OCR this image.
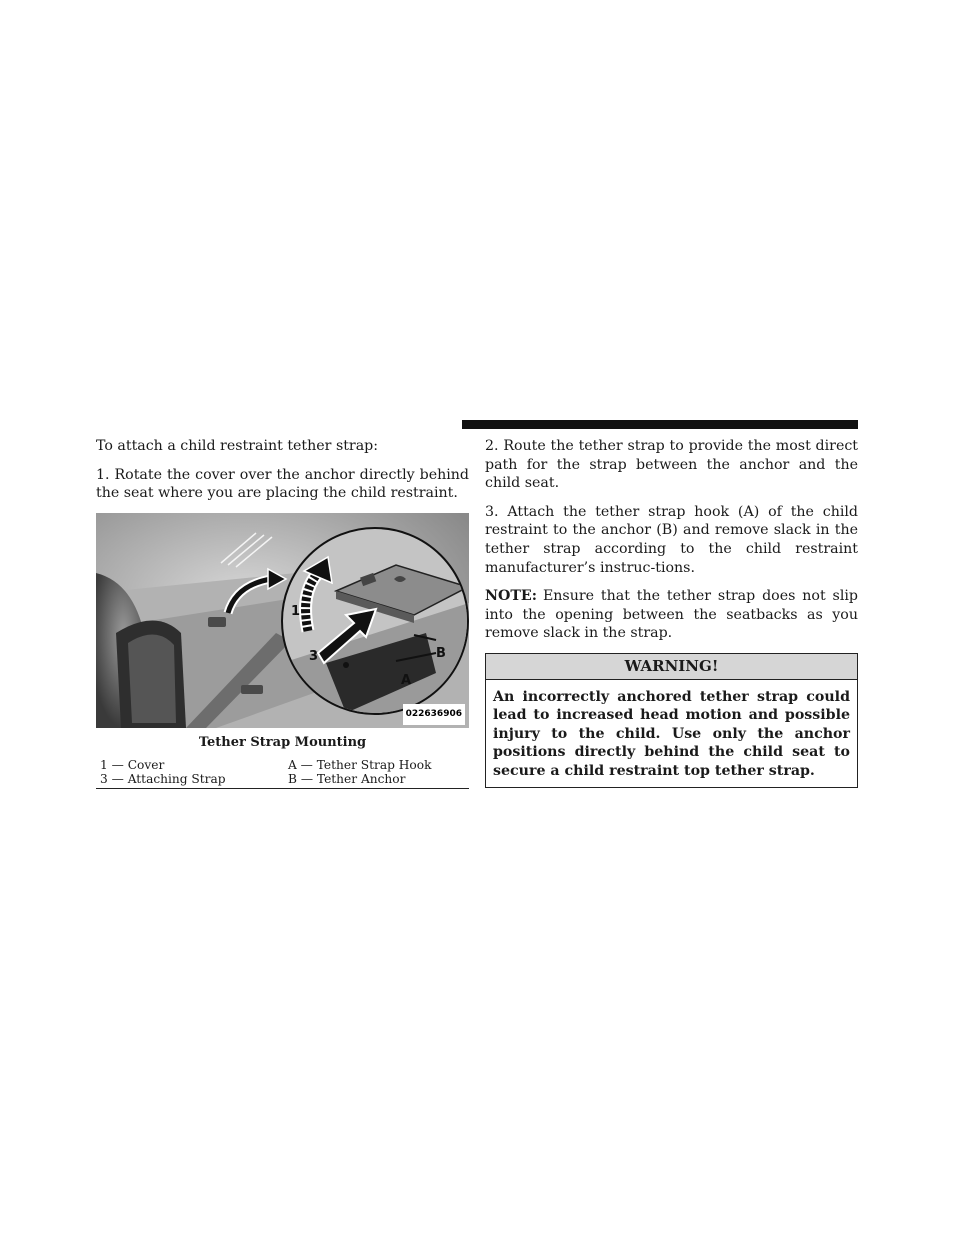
To attach a child restraint tether strap:

1. Rotate the cover over the anchor directly behind the seat where you are placing the child restraint.

1
3
A
B
022636906
Tether Strap Mounting
1 — Cover	A — Tether Strap Hook
3 — Attaching Strap	B — Tether Anchor

2. Route the tether strap to provide the most direct path for the strap between the anchor and the child seat.

3. Attach the tether strap hook (A) of the child restraint to the anchor (B) and remove slack in the tether strap according to the child restraint manufacturer’s instruc-tions.

NOTE: Ensure that the tether strap does not slip into the opening between the seatbacks as you remove slack in the strap.

WARNING!
An incorrectly anchored tether strap could lead to increased head motion and possible injury to the child. Use only the anchor positions directly behind the child seat to secure a child restraint top tether strap.
